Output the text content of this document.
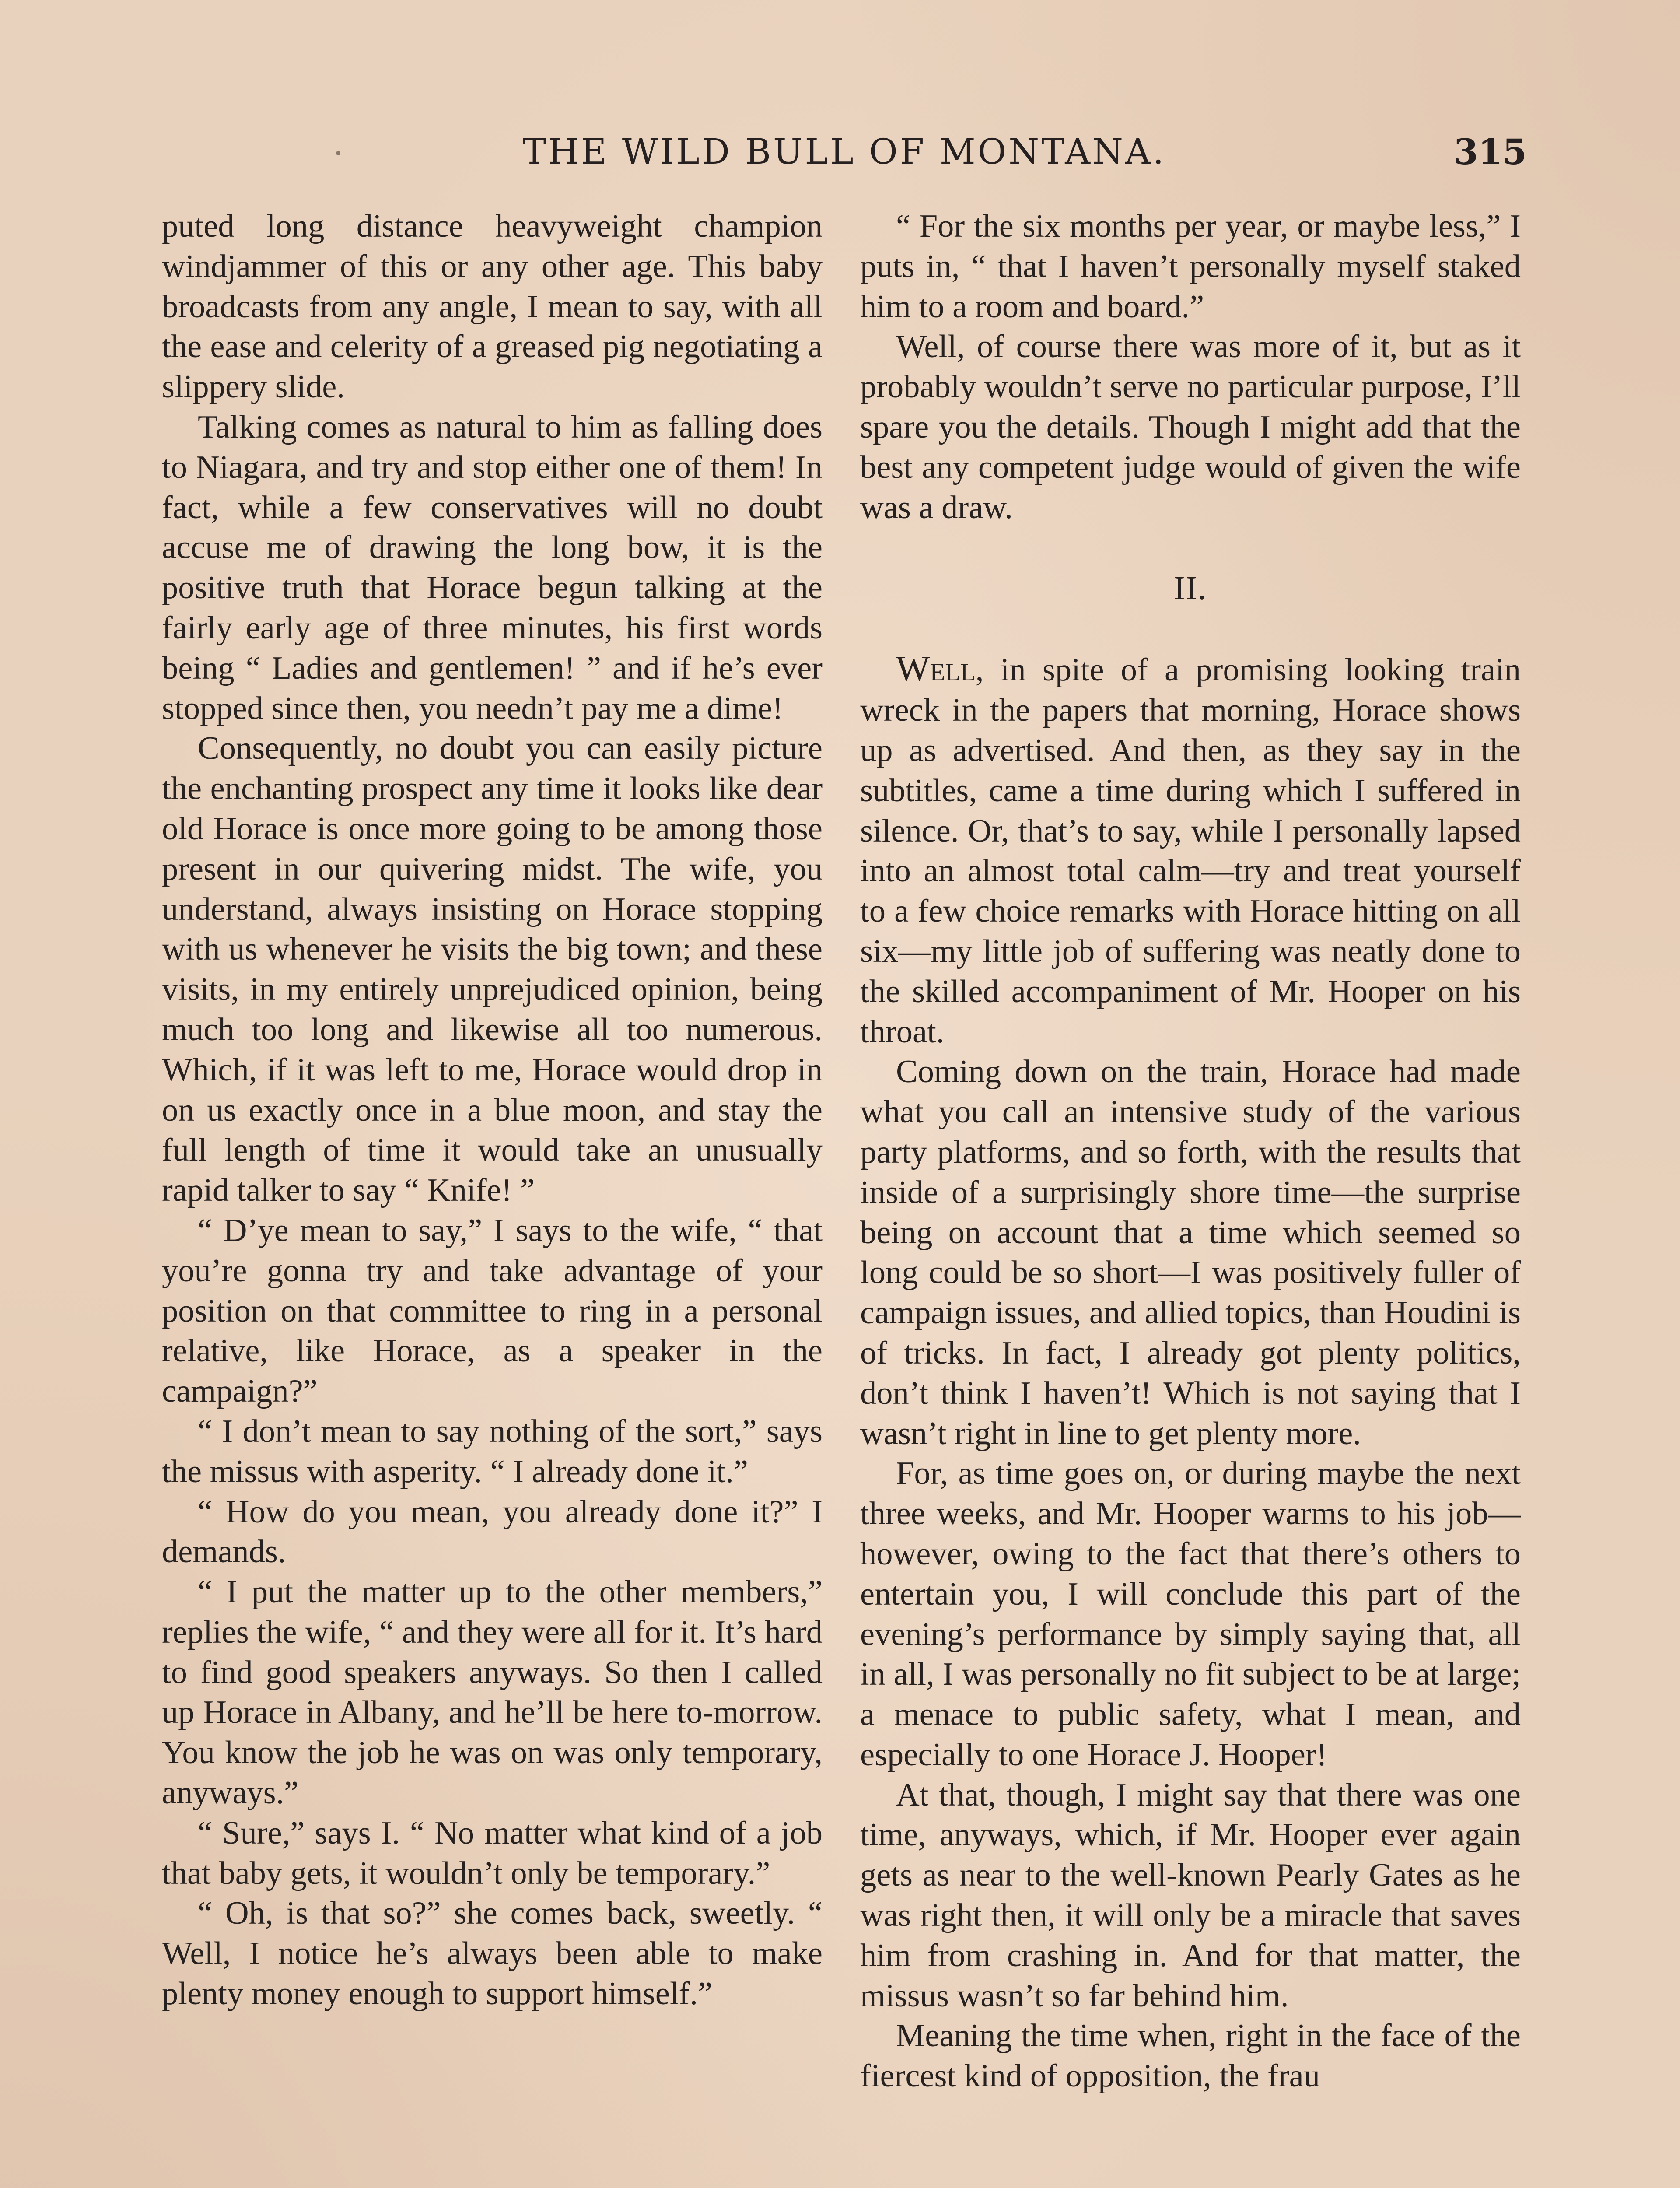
THE WILD BULL OF MONTANA.	315

puted long distance heavyweight champion windjammer of this or any other age. This baby broadcasts from any angle, I mean to say, with all the ease and celerity of a greased pig negotiating a slippery slide.

Talking comes as natural to him as falling does to Niagara, and try and stop either one of them! In fact, while a few conservatives will no doubt accuse me of drawing the long bow, it is the positive truth that Horace begun talking at the fairly early age of three minutes, his first words being “ Ladies and gentlemen! ” and if he’s ever stopped since then, you needn’t pay me a dime!

Consequently, no doubt you can easily picture the enchanting prospect any time it looks like dear old Horace is once more going to be among those present in our quivering midst. The wife, you understand, always insisting on Horace stopping with us whenever he visits the big town; and these visits, in my entirely unprejudiced opinion, being much too long and likewise all too numerous. Which, if it was left to me, Horace would drop in on us exactly once in a blue moon, and stay the full length of time it would take an unusually rapid talker to say “ Knife! ”

“ D’ye mean to say,” I says to the wife, “ that you’re gonna try and take advantage of your position on that committee to ring in a personal relative, like Horace, as a speaker in the campaign?”

“ I don’t mean to say nothing of the sort,” says the missus with asperity. “ I already done it.”

“ How do you mean, you already done it?” I demands.

“ I put the matter up to the other members,” replies the wife, “ and they were all for it. It’s hard to find good speakers anyways. So then I called up Horace in Albany, and he’ll be here to-morrow. You know the job he was on was only temporary, anyways.”

“ Sure,” says I. “ No matter what kind of a job that baby gets, it wouldn’t only be temporary.”

“ Oh, is that so?” she comes back, sweetly. “ Well, I notice he’s always been able to make plenty money enough to support himself.”

“ For the six months per year, or maybe less,” I puts in, “ that I haven’t personally myself staked him to a room and board.”

Well, of course there was more of it, but as it probably wouldn’t serve no particular purpose, I’ll spare you the details. Though I might add that the best any competent judge would of given the wife was a draw.

II.

Well, in spite of a promising looking train wreck in the papers that morning, Horace shows up as advertised. And then, as they say in the subtitles, came a time during which I suffered in silence. Or, that’s to say, while I personally lapsed into an almost total calm—try and treat yourself to a few choice remarks with Horace hitting on all six—my little job of suffering was neatly done to the skilled accompaniment of Mr. Hooper on his throat.

Coming down on the train, Horace had made what you call an intensive study of the various party platforms, and so forth, with the results that inside of a surprisingly shore time—the surprise being on account that a time which seemed so long could be so short—I was positively fuller of campaign issues, and allied topics, than Houdini is of tricks. In fact, I already got plenty politics, don’t think I haven’t! Which is not saying that I wasn’t right in line to get plenty more.

For, as time goes on, or during maybe the next three weeks, and Mr. Hooper warms to his job—however, owing to the fact that there’s others to entertain you, I will conclude this part of the evening’s performance by simply saying that, all in all, I was personally no fit subject to be at large; a menace to public safety, what I mean, and especially to one Horace J. Hooper!

At that, though, I might say that there was one time, anyways, which, if Mr. Hooper ever again gets as near to the well-known Pearly Gates as he was right then, it will only be a miracle that saves him from crashing in. And for that matter, the missus wasn’t so far behind him.

Meaning the time when, right in the face of the fiercest kind of opposition, the frau
